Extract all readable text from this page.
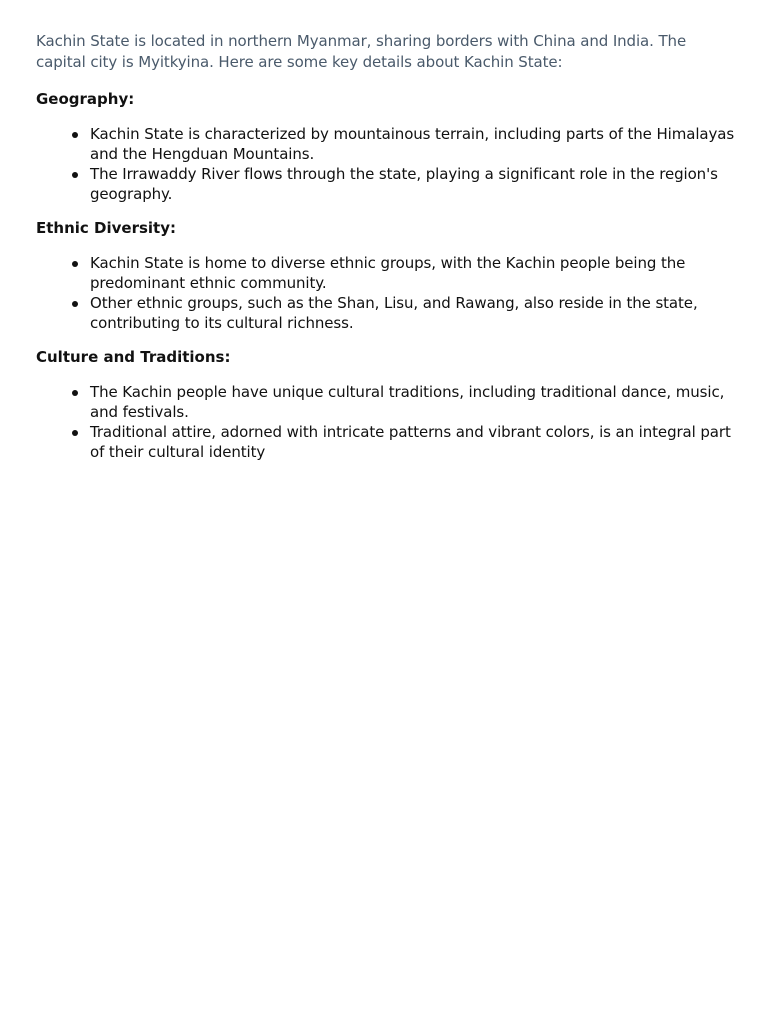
Kachin State is located in northern Myanmar, sharing borders with China and India. The capital city is Myitkyina. Here are some key details about Kachin State:

Geography:
Kachin State is characterized by mountainous terrain, including parts of the Himalayas and the Hengduan Mountains.
The Irrawaddy River flows through the state, playing a significant role in the region's geography.
Ethnic Diversity:
Kachin State is home to diverse ethnic groups, with the Kachin people being the predominant ethnic community.
Other ethnic groups, such as the Shan, Lisu, and Rawang, also reside in the state, contributing to its cultural richness.
Culture and Traditions:
The Kachin people have unique cultural traditions, including traditional dance, music, and festivals.
Traditional attire, adorned with intricate patterns and vibrant colors, is an integral part of their cultural identity
